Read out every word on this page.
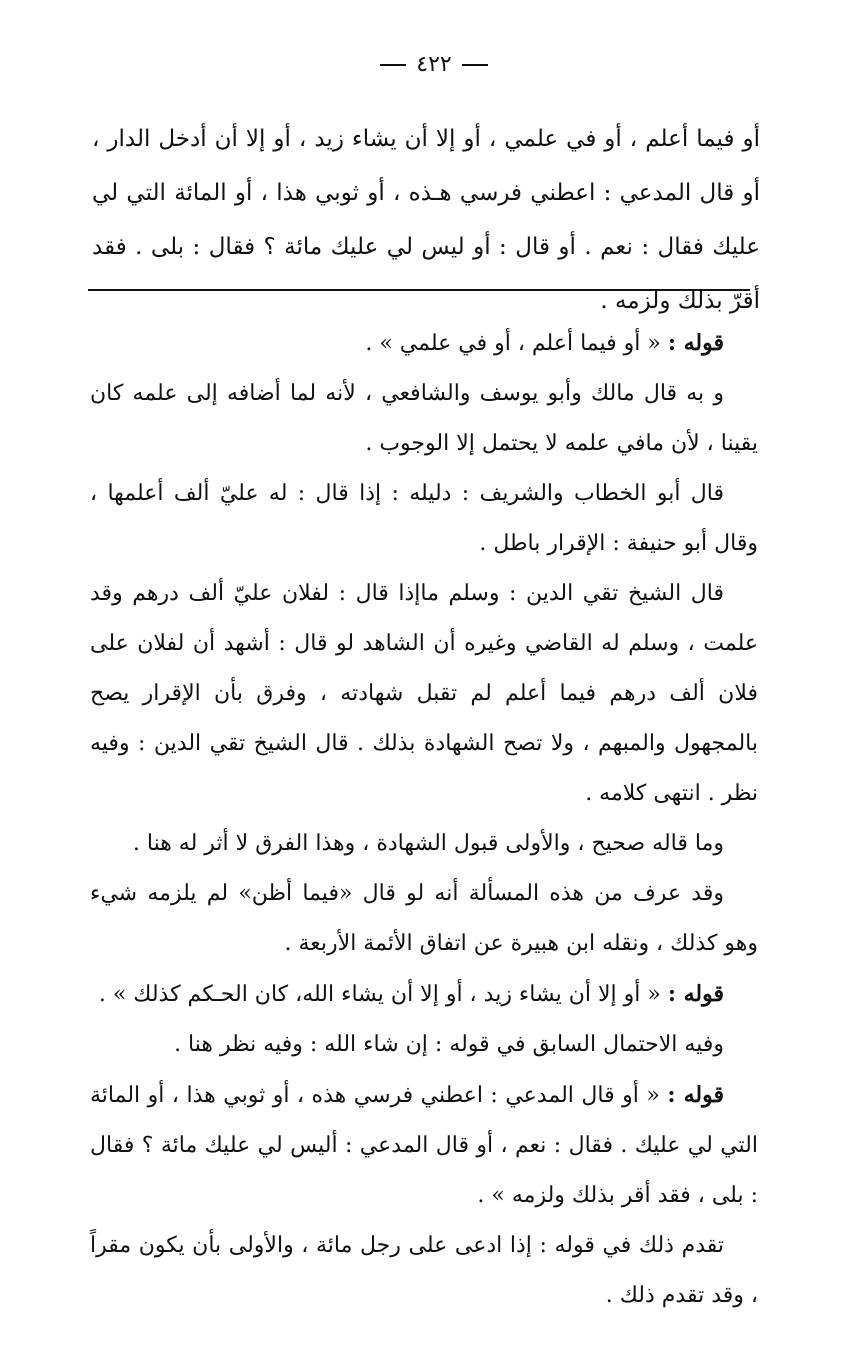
٤٢٢
أو فيما أعلم ، أو في علمي ، أو إلا أن يشاء زيد ، أو إلا أن أدخل الدار ، أو قال المدعي : اعطني فرسي هـذه ، أو ثوبي هذا ، أو المائة التي لي عليك فقال : نعم . أو قال : أو ليس لي عليك مائة ؟ فقال : بلى . فقد أقرّ بذلك ولزمه .

قوله : « أو فيما أعلم ، أو في علمي » .

و به قال مالك وأبو يوسف والشافعي ، لأنه لما أضافه إلى علمه كان يقينا ، لأن مافي علمه لا يحتمل إلا الوجوب .

قال أبو الخطاب والشريف : دليله : إذا قال : له عليّ ألف أعلمها ، وقال أبو حنيفة : الإقرار باطل .

قال الشيخ تقي الدين : وسلم ماإذا قال : لفلان عليّ ألف درهم وقد علمت ، وسلم له القاضي وغيره أن الشاهد لو قال : أشهد أن لفلان على فلان ألف درهم فيما أعلم لم تقبل شهادته ، وفرق بأن الإقرار يصح بالمجهول والمبهم ، ولا تصح الشهادة بذلك . قال الشيخ تقي الدين : وفيه نظر . انتهى كلامه .

وما قاله صحيح ، والأولى قبول الشهادة ، وهذا الفرق لا أثر له هنا .

وقد عرف من هذه المسألة أنه لو قال «فيما أظن» لم يلزمه شيء وهو كذلك ، ونقله ابن هبيرة عن اتفاق الأئمة الأربعة .

قوله : « أو إلا أن يشاء زيد ، أو إلا أن يشاء الله، كان الحـكم كذلك » .

وفيه الاحتمال السابق في قوله : إن شاء الله : وفيه نظر هنا .

قوله : « أو قال المدعي : اعطني فرسي هذه ، أو ثوبي هذا ، أو المائة التي لي عليك . فقال : نعم ، أو قال المدعي : أليس لي عليك مائة ؟ فقال : بلى ، فقد أقر بذلك ولزمه » .

تقدم ذلك في قوله : إذا ادعى على رجل مائة ، والأولى بأن يكون مقراً ، وقد تقدم ذلك .
